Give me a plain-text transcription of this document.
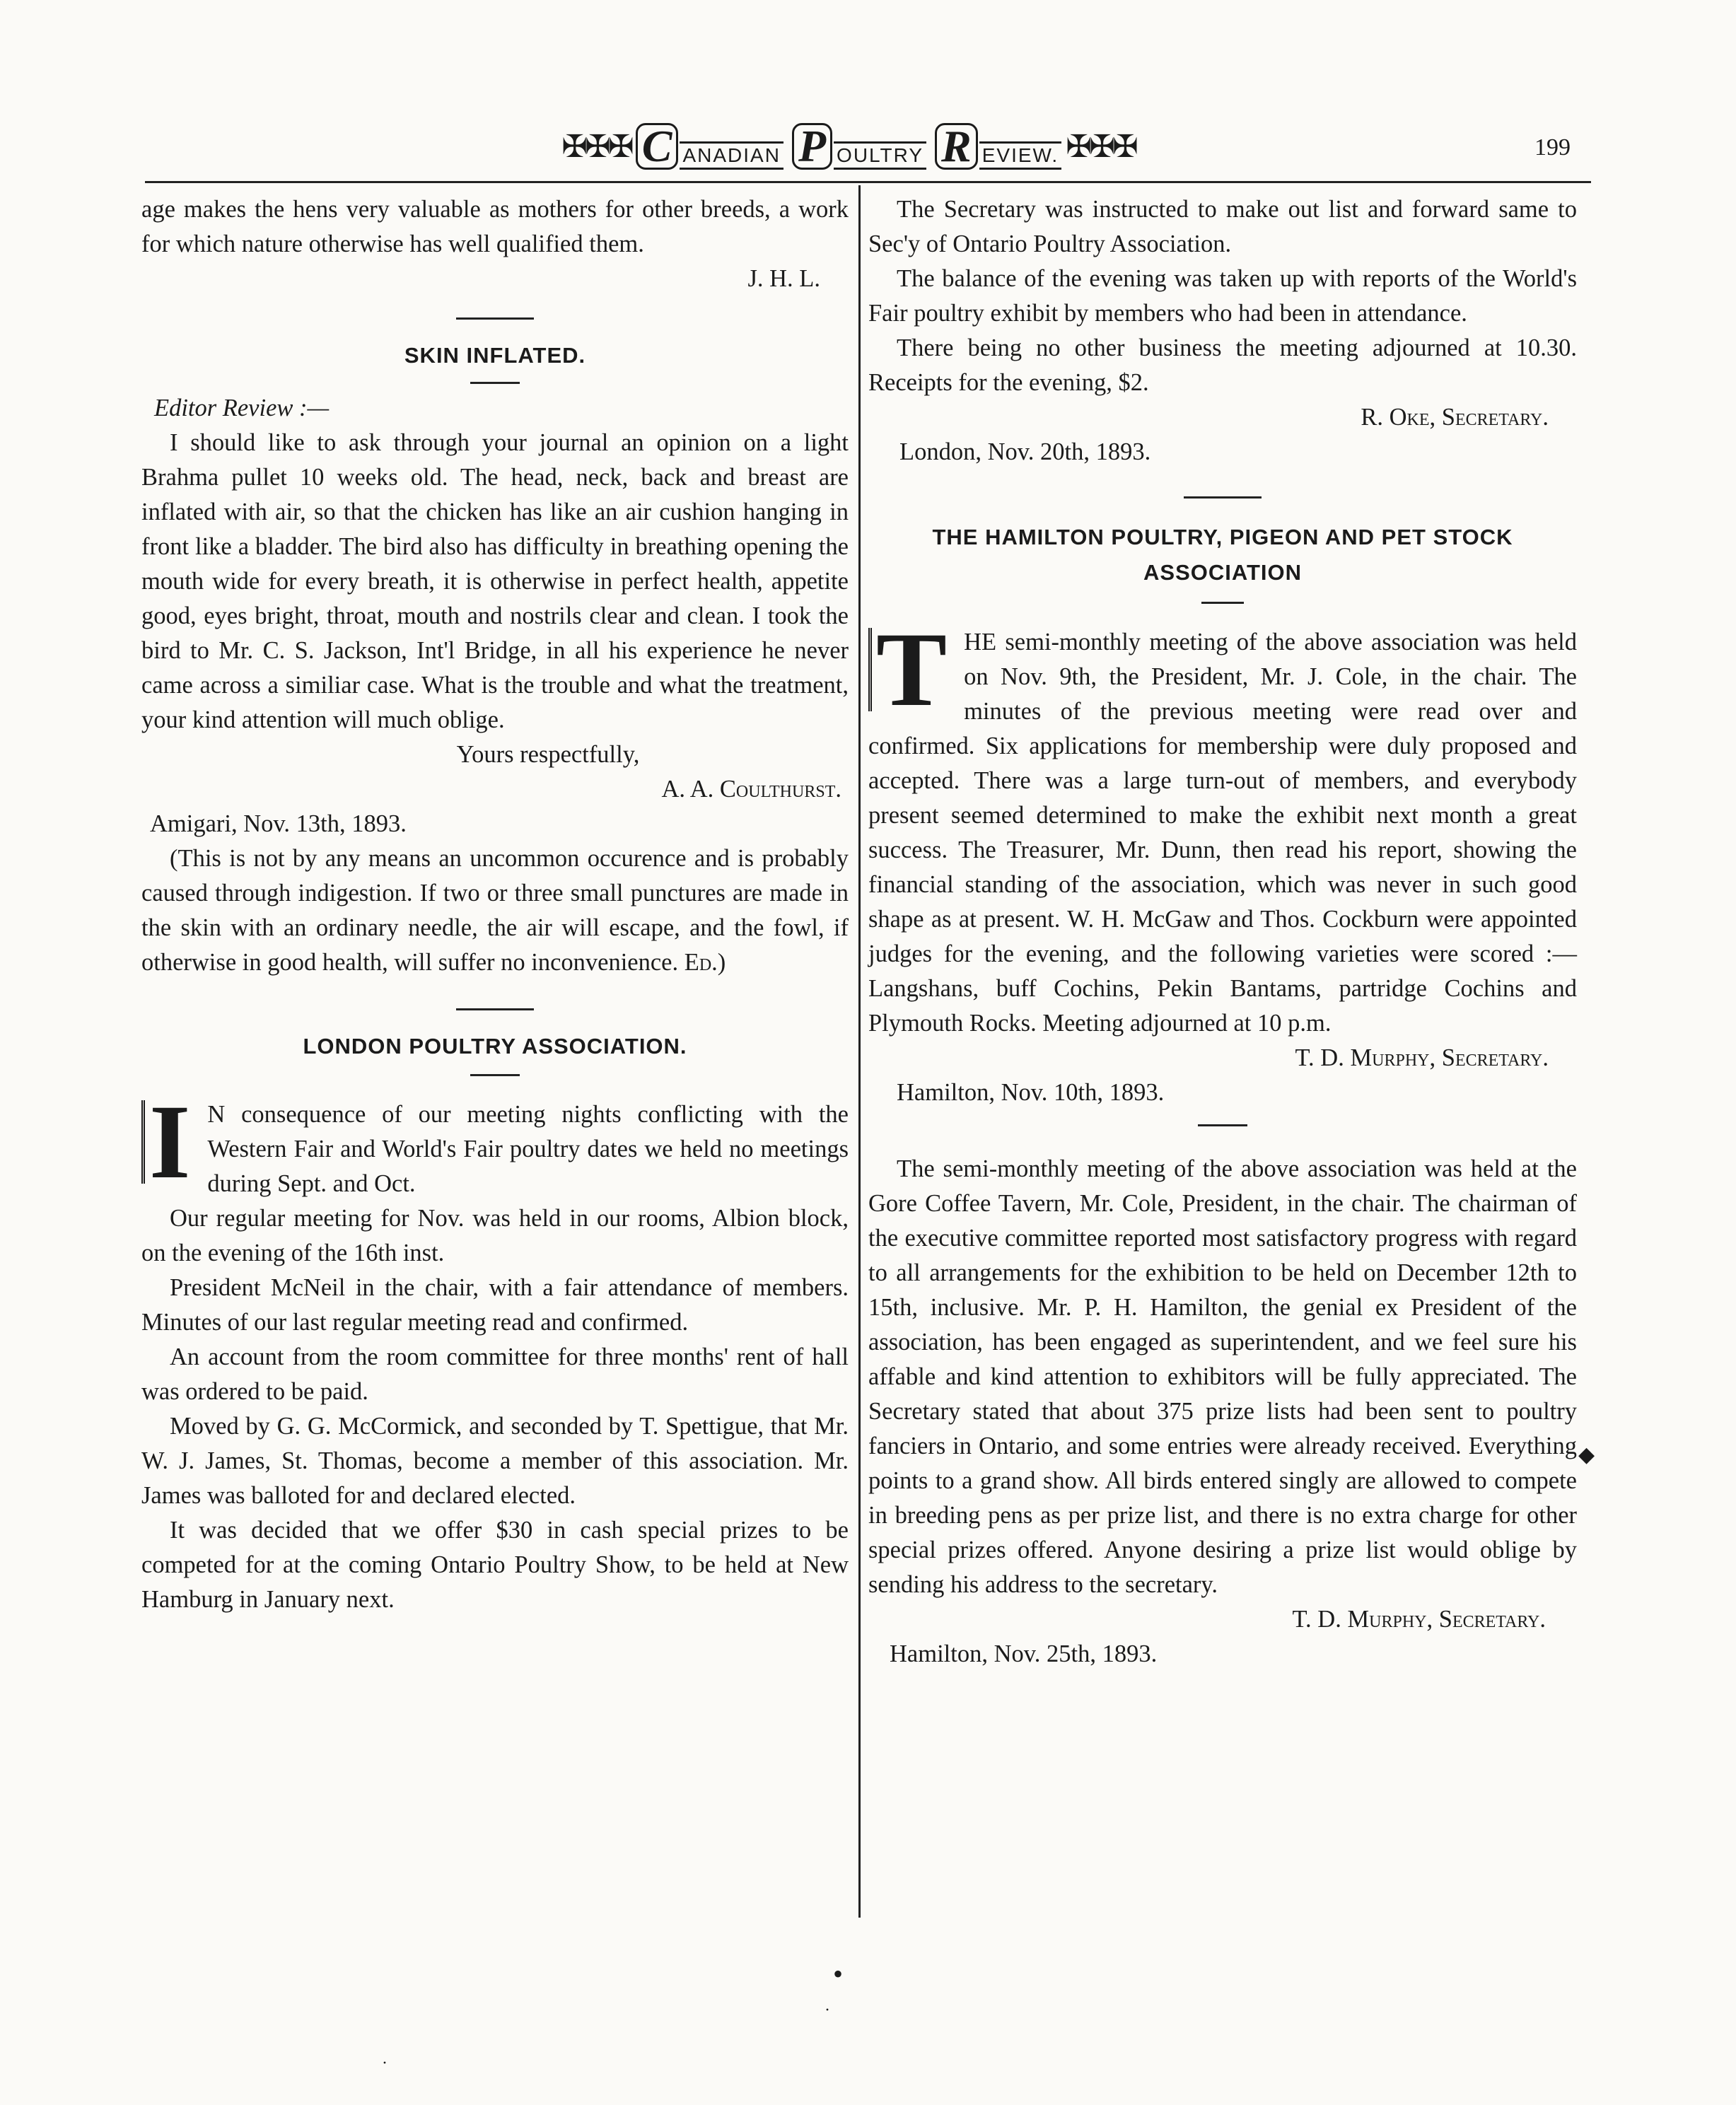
✠✠✠ C ANADIAN P OULTRY R EVIEW. ✠✠✠	199

age makes the hens very valuable as mothers for other breeds, a work for which nature otherwise has well qualified them.

J. H. L.

SKIN INFLATED.

Editor Review :—

I should like to ask through your journal an opinion on a light Brahma pullet 10 weeks old. The head, neck, back and breast are inflated with air, so that the chicken has like an air cushion hanging in front like a bladder. The bird also has difficulty in breathing opening the mouth wide for every breath, it is otherwise in perfect health, appetite good, eyes bright, throat, mouth and nostrils clear and clean. I took the bird to Mr. C. S. Jackson, Int'l Bridge, in all his experience he never came across a similiar case. What is the trouble and what the treatment, your kind attention will much oblige.

Yours respectfully,

A. A. Coulthurst.

Amigari, Nov. 13th, 1893.

(This is not by any means an uncommon occurence and is probably caused through indigestion. If two or three small punctures are made in the skin with an ordinary needle, the air will escape, and the fowl, if otherwise in good health, will suffer no inconvenience. Ed.)

LONDON POULTRY ASSOCIATION.

I N consequence of our meeting nights conflicting with the Western Fair and World's Fair poultry dates we held no meetings during Sept. and Oct.

Our regular meeting for Nov. was held in our rooms, Albion block, on the evening of the 16th inst.

President McNeil in the chair, with a fair attendance of members. Minutes of our last regular meeting read and confirmed.

An account from the room committee for three months' rent of hall was ordered to be paid.

Moved by G. G. McCormick, and seconded by T. Spettigue, that Mr. W. J. James, St. Thomas, become a member of this association. Mr. James was balloted for and declared elected.

It was decided that we offer $30 in cash special prizes to be competed for at the coming Ontario Poultry Show, to be held at New Hamburg in January next.

The Secretary was instructed to make out list and forward same to Sec'y of Ontario Poultry Association.

The balance of the evening was taken up with reports of the World's Fair poultry exhibit by members who had been in attendance.

There being no other business the meeting adjourned at 10.30. Receipts for the evening, $2.

R. Oke, Secretary.

London, Nov. 20th, 1893.

THE HAMILTON POULTRY, PIGEON AND PET STOCK ASSOCIATION

T HE semi-monthly meeting of the above association was held on Nov. 9th, the President, Mr. J. Cole, in the chair. The minutes of the previous meeting were read over and confirmed. Six applications for membership were duly proposed and accepted. There was a large turn-out of members, and everybody present seemed determined to make the exhibit next month a great success. The Treasurer, Mr. Dunn, then read his report, showing the financial standing of the association, which was never in such good shape as at present. W. H. McGaw and Thos. Cockburn were appointed judges for the evening, and the following varieties were scored :—Langshans, buff Cochins, Pekin Bantams, partridge Cochins and Plymouth Rocks. Meeting adjourned at 10 p.m.

T. D. Murphy, Secretary.

Hamilton, Nov. 10th, 1893.

The semi-monthly meeting of the above association was held at the Gore Coffee Tavern, Mr. Cole, President, in the chair. The chairman of the executive committee reported most satisfactory progress with regard to all arrangements for the exhibition to be held on December 12th to 15th, inclusive. Mr. P. H. Hamilton, the genial ex President of the association, has been engaged as superintendent, and we feel sure his affable and kind attention to exhibitors will be fully appreciated. The Secretary stated that about 375 prize lists had been sent to poultry fanciers in Ontario, and some entries were already received. Everything points to a grand show. All birds entered singly are allowed to compete in breeding pens as per prize list, and there is no extra charge for other special prizes offered. Anyone desiring a prize list would oblige by sending his address to the secretary.

T. D. Murphy, Secretary.

Hamilton, Nov. 25th, 1893.

•
·
·
◆
